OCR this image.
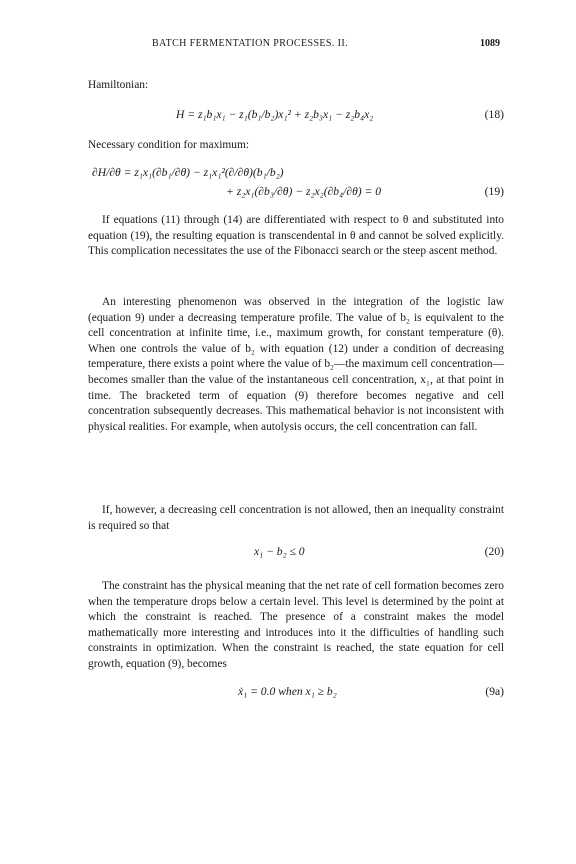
BATCH FERMENTATION PROCESSES. II.	1089

Hamiltonian:

H = z₁b₁x₁ − z₁(b₁/b₂)x₁² + z₂b₃x₁ − z₂b₄x₂	(18)

Necessary condition for maximum:

∂H/∂θ = z₁x₁(∂b₁/∂θ) − z₁x₁²(∂/∂θ)(b₁/b₂)
+ z₂x₁(∂b₃/∂θ) − z₂x₂(∂b₄/∂θ) = 0	(19)

If equations (11) through (14) are differentiated with respect to θ and substituted into equation (19), the resulting equation is transcendental in θ and cannot be solved explicitly. This complication necessitates the use of the Fibonacci search or the steep ascent method.

An interesting phenomenon was observed in the integration of the logistic law (equation 9) under a decreasing temperature profile. The value of b₂ is equivalent to the cell concentration at infinite time, i.e., maximum growth, for constant temperature (θ). When one controls the value of b₂ with equation (12) under a condition of decreasing temperature, there exists a point where the value of b₂—the maximum cell concentration—becomes smaller than the value of the instantaneous cell concentration, x₁, at that point in time. The bracketed term of equation (9) therefore becomes negative and cell concentration subsequently decreases. This mathematical behavior is not inconsistent with physical realities. For example, when autolysis occurs, the cell concentration can fall.

If, however, a decreasing cell concentration is not allowed, then an inequality constraint is required so that

x₁ − b₂ ≤ 0	(20)

The constraint has the physical meaning that the net rate of cell formation becomes zero when the temperature drops below a certain level. This level is determined by the point at which the constraint is reached. The presence of a constraint makes the model mathematically more interesting and introduces into it the difficulties of handling such constraints in optimization. When the constraint is reached, the state equation for cell growth, equation (9), becomes

ẋ₁ = 0.0 when x₁ ≥ b₂	(9a)
